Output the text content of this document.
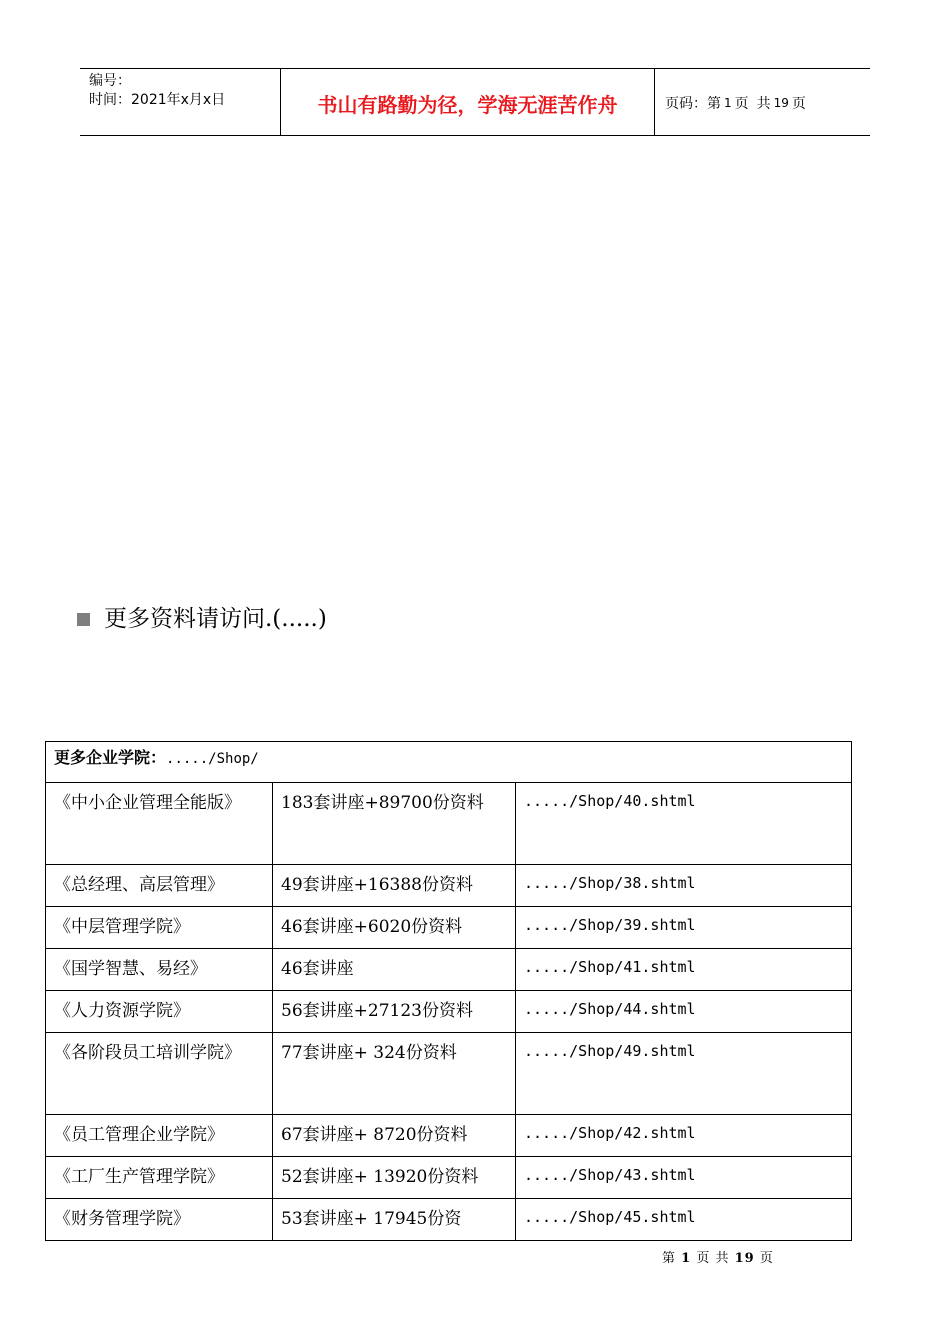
编号：
时间：2021年x月x日	书山有路勤为径，学海无涯苦作舟	页码：第 1 页 共 19 页
更多资料请访问.(.....)
更多企业学院：...../Shop/		
《中小企业管理全能版》	183套讲座+89700份资料	...../Shop/40.shtml
《总经理、高层管理》	49套讲座+16388份资料	...../Shop/38.shtml
《中层管理学院》	46套讲座+6020份资料	...../Shop/39.shtml
《国学智慧、易经》	46套讲座	...../Shop/41.shtml
《人力资源学院》	56套讲座+27123份资料	...../Shop/44.shtml
《各阶段员工培训学院》	77套讲座+ 324份资料	...../Shop/49.shtml
《员工管理企业学院》	67套讲座+ 8720份资料	...../Shop/42.shtml
《工厂生产管理学院》	52套讲座+ 13920份资料	...../Shop/43.shtml
《财务管理学院》	53套讲座+ 17945份资	...../Shop/45.shtml
第 1 页 共 19 页
